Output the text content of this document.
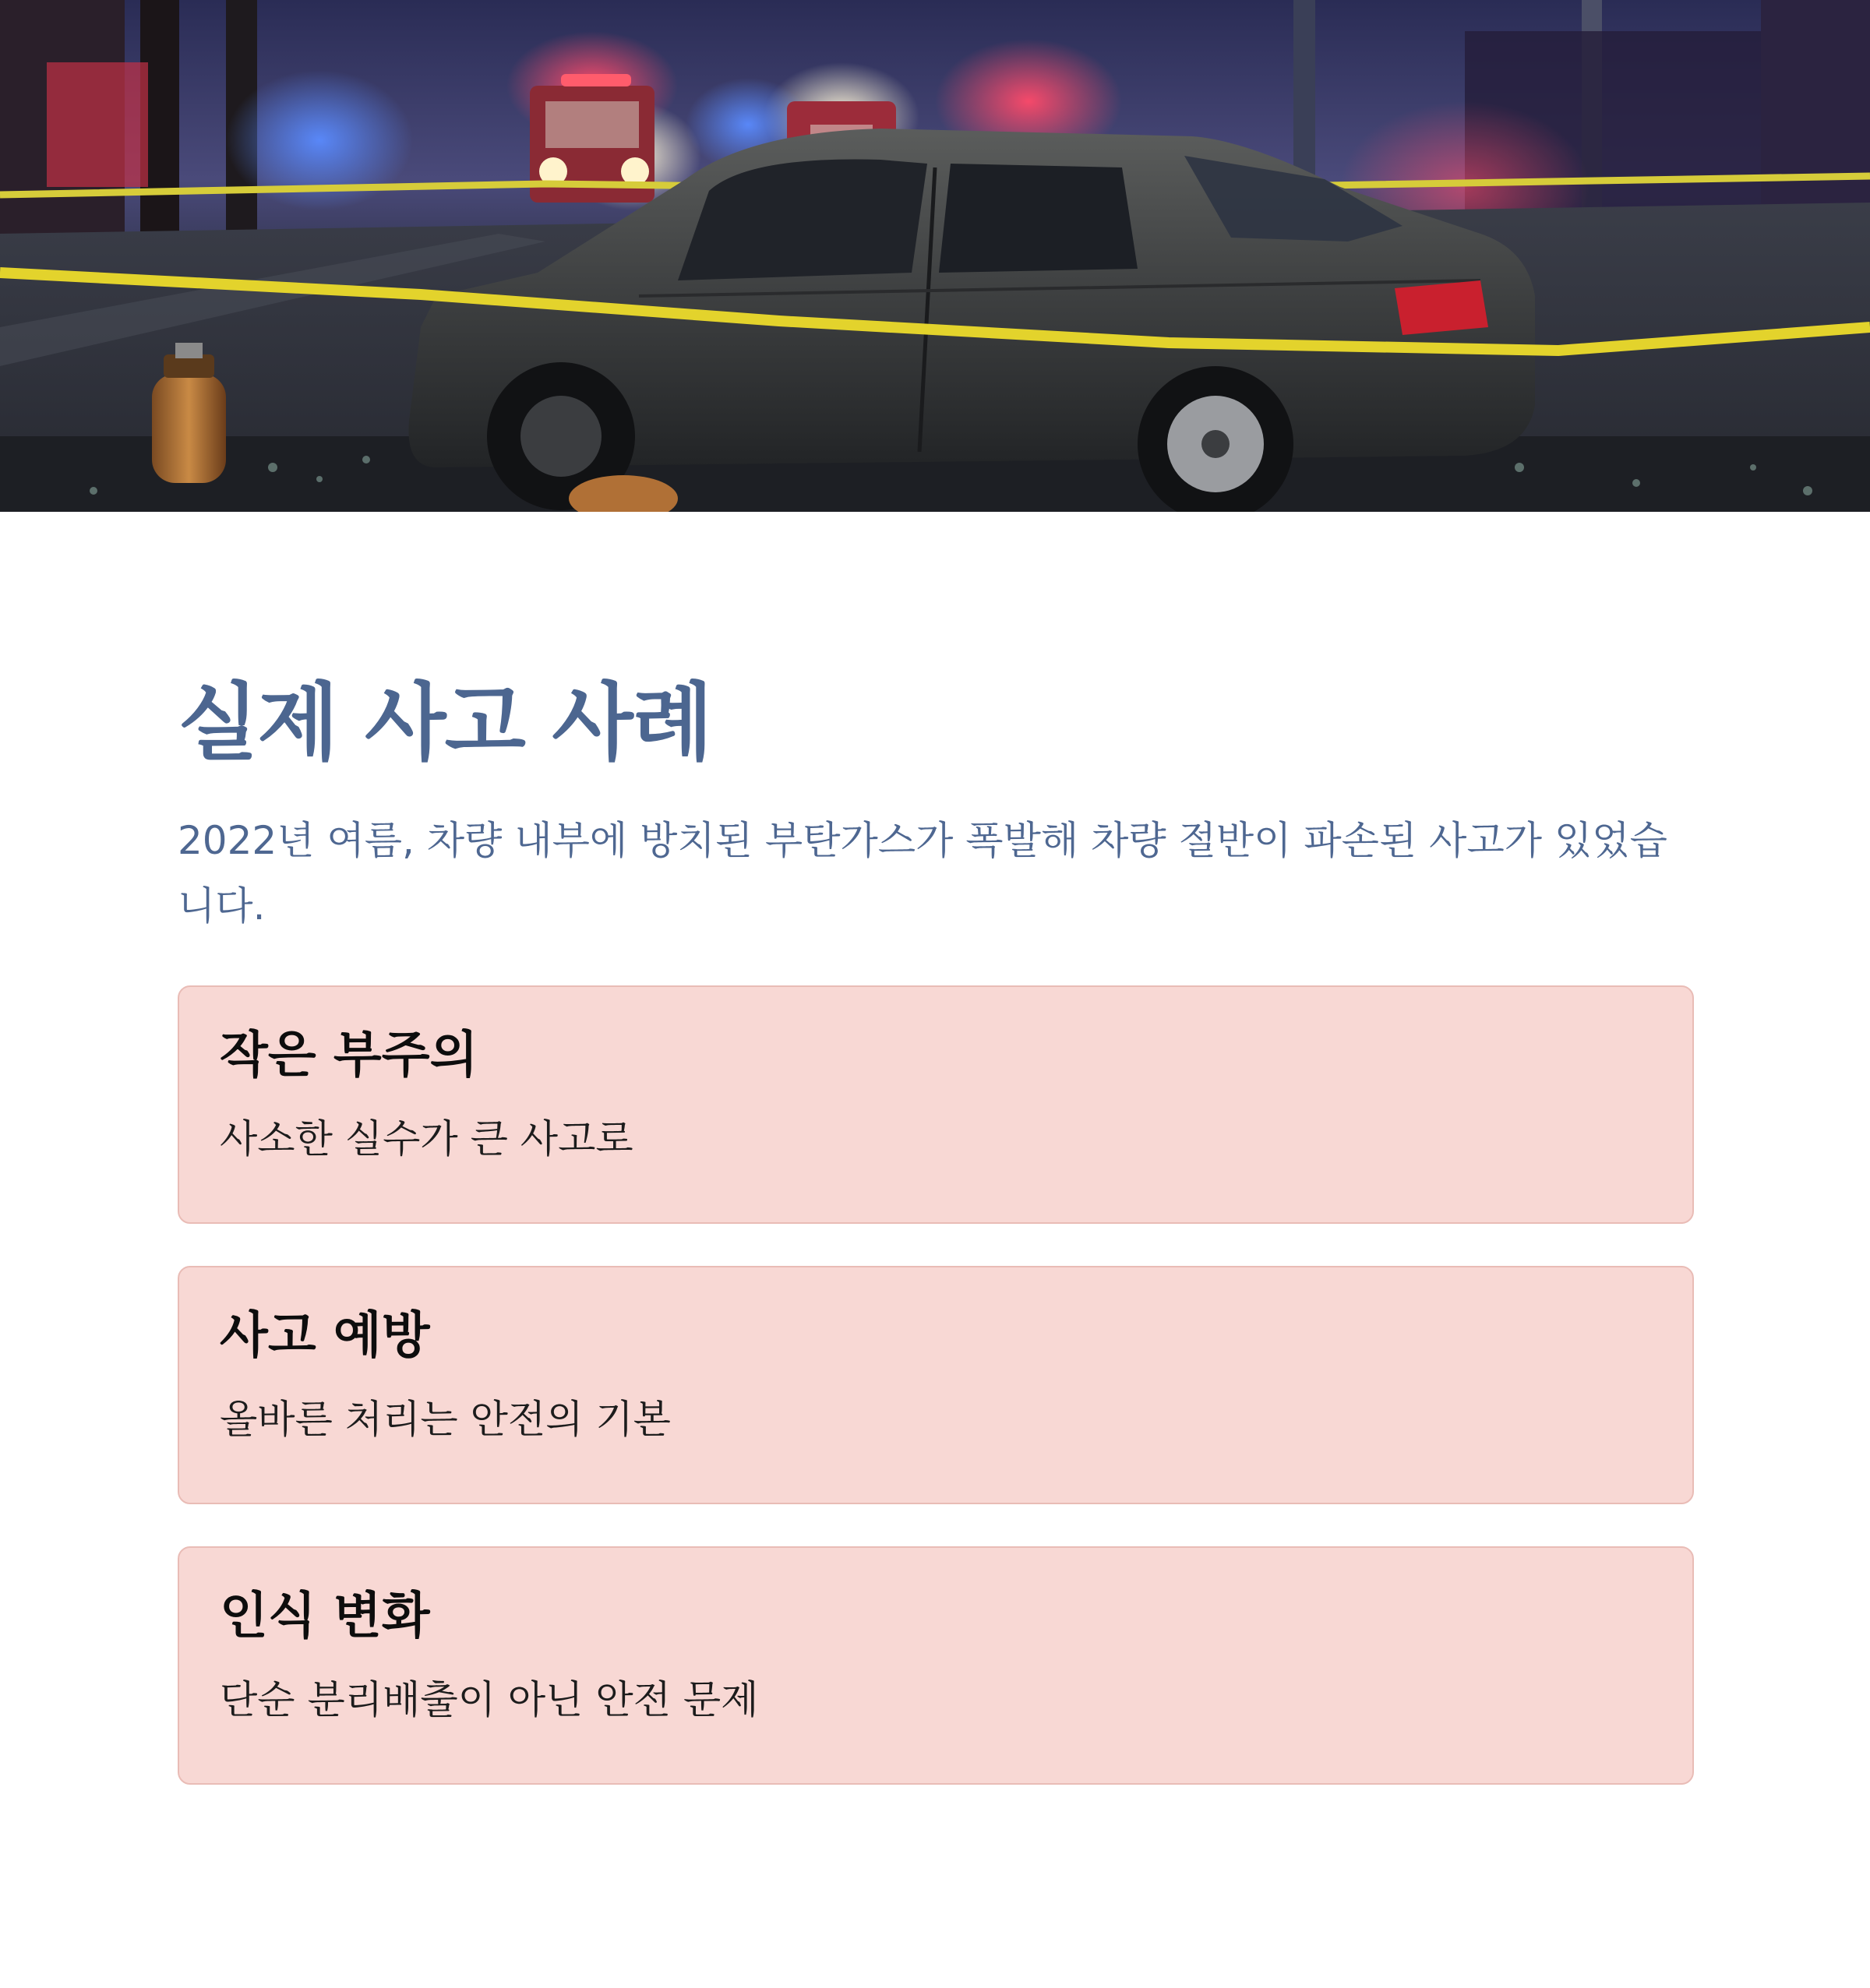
실제 사고 사례

2022년 여름, 차량 내부에 방치된 부탄가스가 폭발해 차량 절반이 파손된 사고가 있었습니다.

작은 부주의

사소한 실수가 큰 사고로

사고 예방

올바른 처리는 안전의 기본

인식 변화

단순 분리배출이 아닌 안전 문제
